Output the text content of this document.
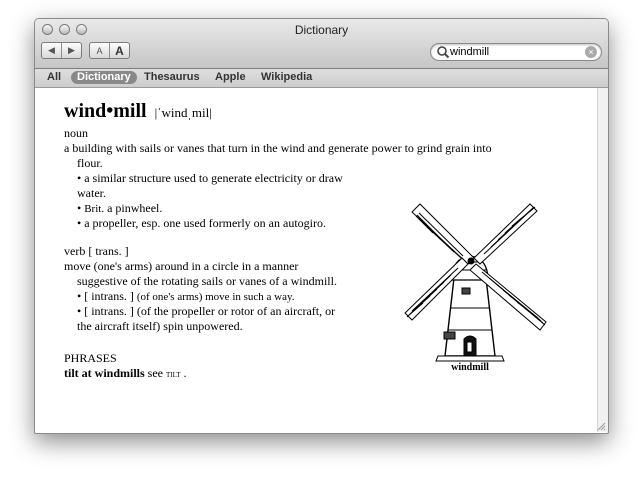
Dictionary
◀ ▶ A A
windmill	×
All	Dictionary	Thesaurus Apple Wikipedia
wind•mill |ˈwindˌmil|
noun
a building with sails or vanes that turn in the wind and generate power to grind grain into
flour.
• a similar structure used to generate electricity or draw
water.
• Brit. a pinwheel.
• a propeller, esp. one used formerly on an autogiro.
verb [ trans. ]
move (one's arms) around in a circle in a manner
suggestive of the rotating sails or vanes of a windmill.
• [ intrans. ] (of one's arms) move in such a way.
• [ intrans. ] (of the propeller or rotor of an aircraft, or
the aircraft itself) spin unpowered.
PHRASES
tilt at windmills see tilt .	windmill
